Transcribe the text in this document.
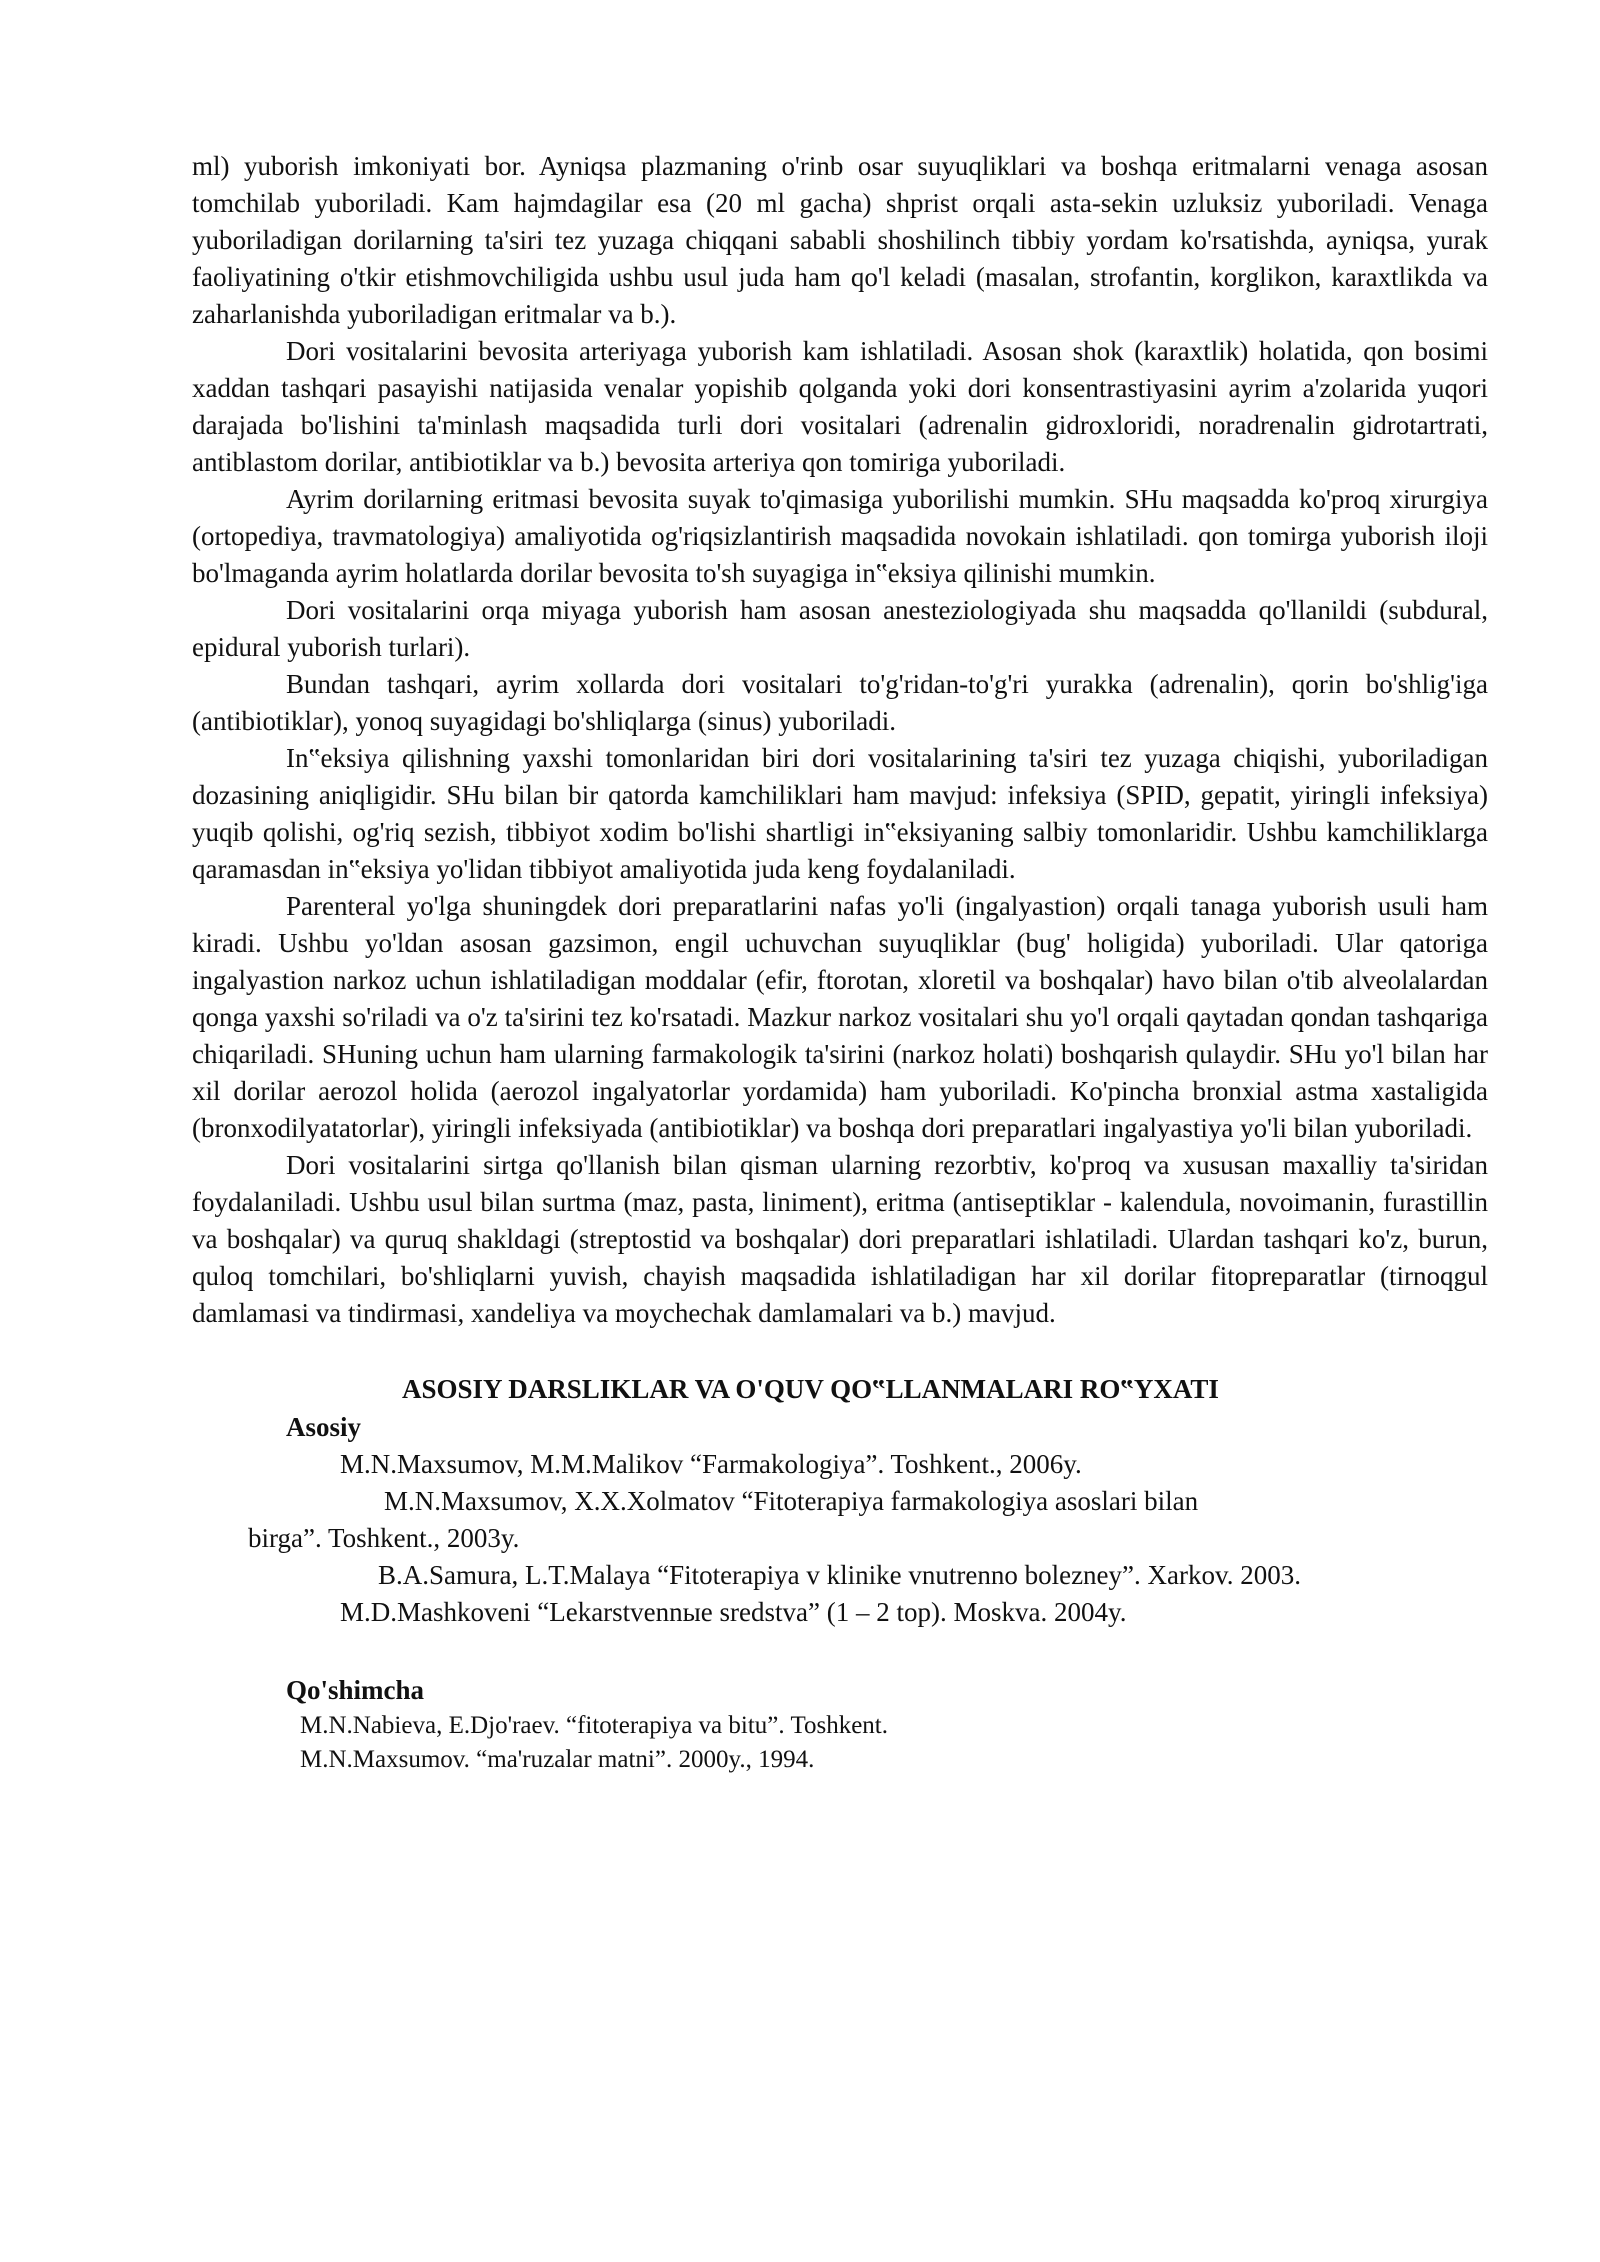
ml) yuborish imkoniyati bor. Ayniqsa plazmaning o'rinb osar suyuqliklari va boshqa eritmalarni venaga asosan tomchilab yuboriladi. Kam hajmdagilar esa (20 ml gacha) shprist orqali asta-sekin uzluksiz yuboriladi. Venaga yuboriladigan dorilarning ta'siri tez yuzaga chiqqani sababli shoshilinch tibbiy yordam ko'rsatishda, ayniqsa, yurak faoliyatining o'tkir etishmovchiligida ushbu usul juda ham qo'l keladi (masalan, strofantin, korglikon, karaxtlikda va zaharlanishda yuboriladigan eritmalar va b.).

Dori vositalarini bevosita arteriyaga yuborish kam ishlatiladi. Asosan shok (karaxtlik) holatida, qon bosimi xaddan tashqari pasayishi natijasida venalar yopishib qolganda yoki dori konsentrastiyasini ayrim a'zolarida yuqori darajada bo'lishini ta'minlash maqsadida turli dori vositalari (adrenalin gidroxloridi, noradrenalin gidrotartrati, antiblastom dorilar, antibiotiklar va b.) bevosita arteriya qon tomiriga yuboriladi.

Ayrim dorilarning eritmasi bevosita suyak to'qimasiga yuborilishi mumkin. SHu maqsadda ko'proq xirurgiya (ortopediya, travmatologiya) amaliyotida og'riqsizlantirish maqsadida novokain ishlatiladi. qon tomirga yuborish iloji bo'lmaganda ayrim holatlarda dorilar bevosita to'sh suyagiga in‟eksiya qilinishi mumkin.

Dori vositalarini orqa miyaga yuborish ham asosan anesteziologiyada shu maqsadda qo'llanildi (subdural, epidural yuborish turlari).

Bundan tashqari, ayrim xollarda dori vositalari to'g'ridan-to'g'ri yurakka (adrenalin), qorin bo'shlig'iga (antibiotiklar), yonoq suyagidagi bo'shliqlarga (sinus) yuboriladi.

In‟eksiya qilishning yaxshi tomonlaridan biri dori vositalarining ta'siri tez yuzaga chiqishi, yuboriladigan dozasining aniqligidir. SHu bilan bir qatorda kamchiliklari ham mavjud: infeksiya (SPID, gepatit, yiringli infeksiya) yuqib qolishi, og'riq sezish, tibbiyot xodim bo'lishi shartligi in‟eksiyaning salbiy tomonlaridir. Ushbu kamchiliklarga qaramasdan in‟eksiya yo'lidan tibbiyot amaliyotida juda keng foydalaniladi.

Parenteral yo'lga shuningdek dori preparatlarini nafas yo'li (ingalyastion) orqali tanaga yuborish usuli ham kiradi. Ushbu yo'ldan asosan gazsimon, engil uchuvchan suyuqliklar (bug' holigida) yuboriladi. Ular qatoriga ingalyastion narkoz uchun ishlatiladigan moddalar (efir, ftorotan, xloretil va boshqalar) havo bilan o'tib alveolalardan qonga yaxshi so'riladi va o'z ta'sirini tez ko'rsatadi. Mazkur narkoz vositalari shu yo'l orqali qaytadan qondan tashqariga chiqariladi. SHuning uchun ham ularning farmakologik ta'sirini (narkoz holati) boshqarish qulaydir. SHu yo'l bilan har xil dorilar aerozol holida (aerozol ingalyatorlar yordamida) ham yuboriladi. Ko'pincha bronxial astma xastaligida (bronxodilyatatorlar), yiringli infeksiyada (antibiotiklar) va boshqa dori preparatlari ingalyastiya yo'li bilan yuboriladi.

Dori vositalarini sirtga qo'llanish bilan qisman ularning rezorbtiv, ko'proq va xususan maxalliy ta'siridan foydalaniladi. Ushbu usul bilan surtma (maz, pasta, liniment), eritma (antiseptiklar - kalendula, novoimanin, furastillin va boshqalar) va quruq shakldagi (streptostid va boshqalar) dori preparatlari ishlatiladi. Ulardan tashqari ko'z, burun, quloq tomchilari, bo'shliqlarni yuvish, chayish maqsadida ishlatiladigan har xil dorilar fitopreparatlar (tirnoqgul damlamasi va tindirmasi, xandeliya va moychechak damlamalari va b.) mavjud.

ASOSIY DARSLIKLAR VA O'QUV QO‟LLANMALARI RO‟YXATI

Asosiy

M.N.Maxsumov, M.M.Malikov “Farmakologiya”. Toshkent., 2006y.

M.N.Maxsumov, X.X.Xolmatov “Fitoterapiya farmakologiya asoslari bilan

birga”. Toshkent., 2003y.

B.A.Samura, L.T.Malaya “Fitoterapiya v klinike vnutrenno bolezney”. Xarkov. 2003.

M.D.Mashkoveni “Lekarstvennые sredstva” (1 – 2 top). Moskva. 2004y.

Qo'shimcha

M.N.Nabieva, E.Djo'raev. “fitoterapiya va bitu”. Toshkent.

M.N.Maxsumov. “ma'ruzalar matni”. 2000y., 1994.
